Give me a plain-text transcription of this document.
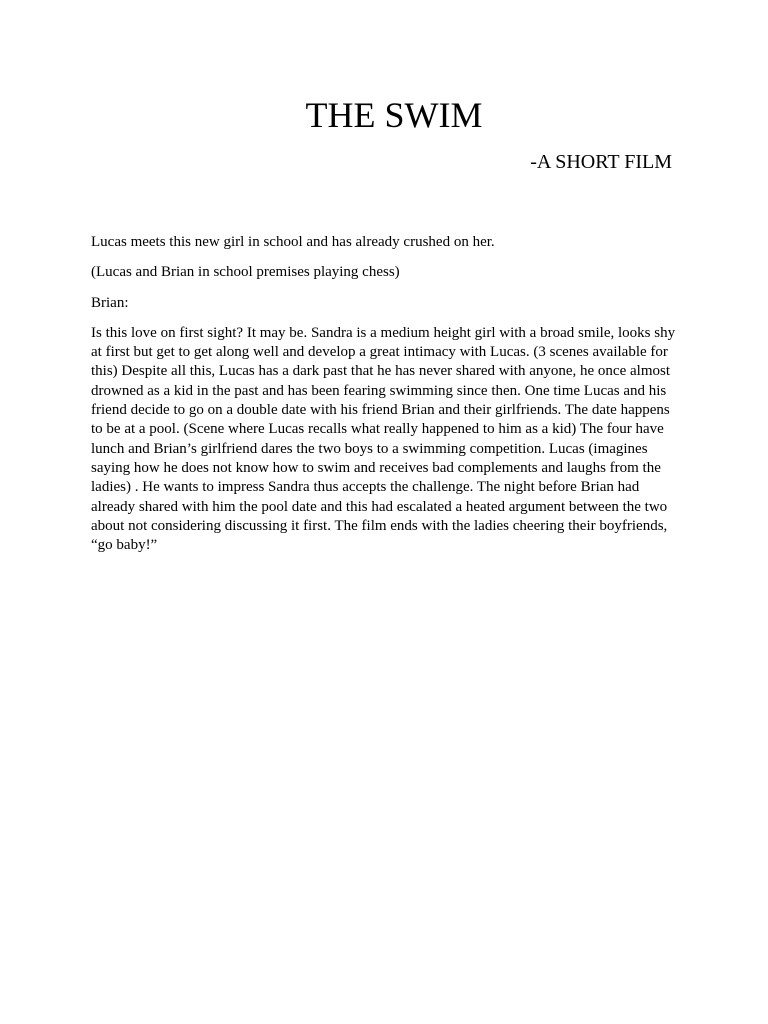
THE SWIM
-A SHORT FILM

Lucas meets this new girl in school and has already crushed on her.

(Lucas and Brian in school premises playing chess)

Brian:

Is this love on first sight? It may be. Sandra is a medium height girl with a broad smile, looks shy at first but get to get along well and develop a great intimacy with Lucas. (3 scenes available for this) Despite all this, Lucas has a dark past that he has never shared with anyone, he once almost drowned as a kid in the past and has been fearing swimming since then. One time Lucas and his friend decide to go on a double date with his friend Brian and their girlfriends. The date happens to be at a pool. (Scene where Lucas recalls what really happened to him as a kid) The four have lunch and Brian’s girlfriend dares the two boys to a swimming competition. Lucas (imagines saying how he does not know how to swim and receives bad complements and laughs from the ladies) . He wants to impress Sandra thus accepts the challenge. The night before Brian had already shared with him the pool date and this had escalated a heated argument between the two about not considering discussing it first. The film ends with the ladies cheering their boyfriends, “go baby!”
